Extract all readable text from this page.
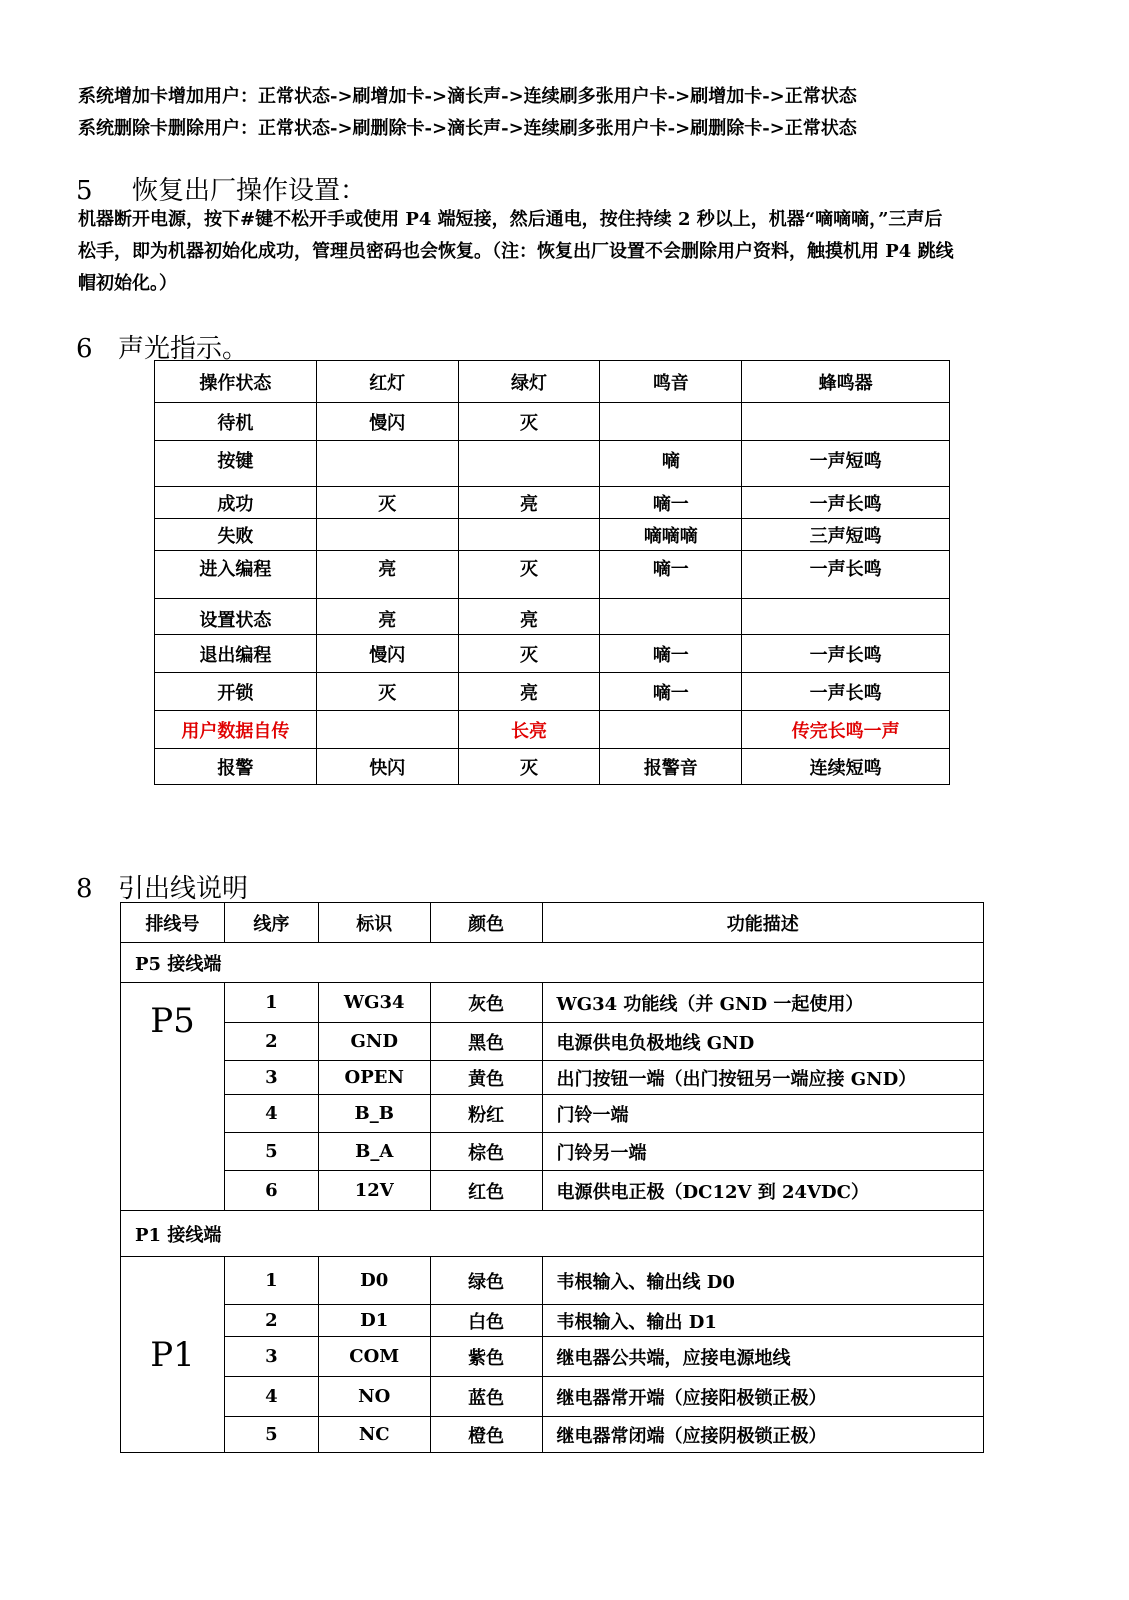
系统增加卡增加用户：正常状态->刷增加卡->滴长声->连续刷多张用户卡->刷增加卡->正常状态
系统删除卡删除用户：正常状态->刷删除卡->滴长声->连续刷多张用户卡->刷删除卡->正常状态
5 恢复出厂操作设置：
机器断开电源，按下#键不松开手或使用 P4 端短接，然后通电，按住持续 2 秒以上，机器“嘀嘀嘀，”三声后
松手，即为机器初始化成功，管理员密码也会恢复。（注：恢复出厂设置不会删除用户资料，触摸机用 P4 跳线
帽初始化。）
6 声光指示。
操作状态	红灯	绿灯	鸣音	蜂鸣器
待机	慢闪	灭		
按键			嘀	一声短鸣
成功	灭	亮	嘀一	一声长鸣
失败			嘀嘀嘀	三声短鸣
进入编程	亮	灭	嘀一	一声长鸣
设置状态	亮	亮		
退出编程	慢闪	灭	嘀一	一声长鸣
开锁	灭	亮	嘀一	一声长鸣
用户数据自传		长亮		传完长鸣一声
报警	快闪	灭	报警音	连续短鸣
8 引出线说明
排线号	线序	标识	颜色	功能描述
P5 接线端				
P5	1	WG34	灰色	WG34 功能线（并 GND 一起使用）
	2	GND	黑色	电源供电负极地线 GND
	3	OPEN	黄色	出门按钮一端（出门按钮另一端应接 GND）
	4	B_B	粉红	门铃一端
	5	B_A	棕色	门铃另一端
	6	12V	红色	电源供电正极（DC12V 到 24VDC）
P1 接线端				
P1	1	D0	绿色	韦根输入、输出线 D0
	2	D1	白色	韦根输入、输出 D1
	3	COM	紫色	继电器公共端，应接电源地线
	4	NO	蓝色	继电器常开端（应接阳极锁正极）
	5	NC	橙色	继电器常闭端（应接阴极锁正极）
